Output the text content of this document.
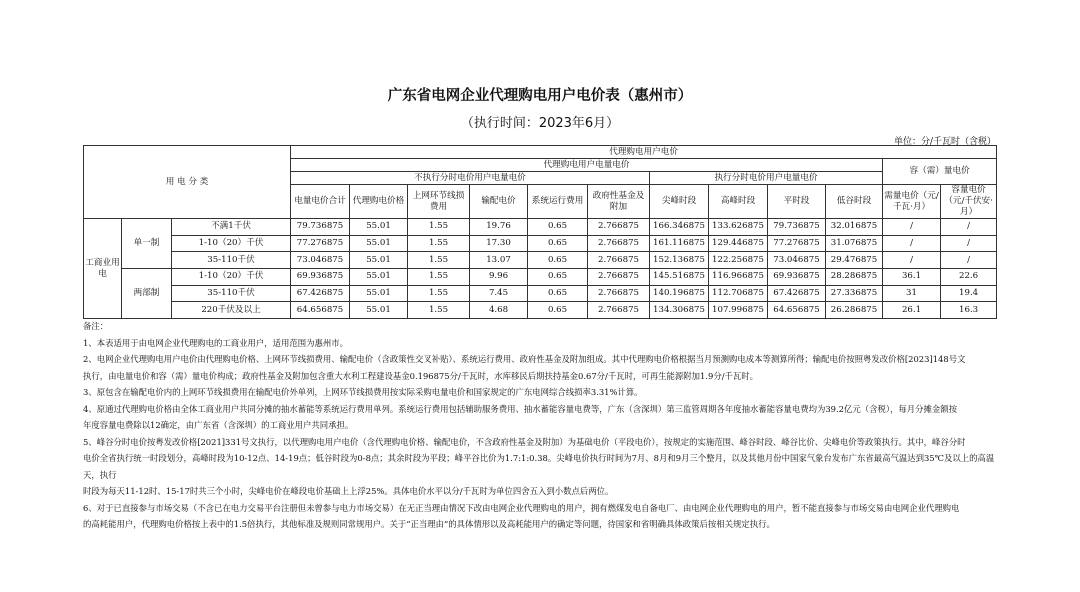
广东省电网企业代理购电用户电价表（惠州市）
（执行时间：2023年6月）
单位：分/千瓦时（含税）
用 电 分 类			代理购电用户电价											
			代理购电用户电量电价										容（需）量电价	
			不执行分时电价用户电量电价						执行分时电价用户电量电价					
			电量电价合计	代理购电价格	上网环节线损费用	输配电价	系统运行费用	政府性基金及附加	尖峰时段	高峰时段	平时段	低谷时段	需量电价（元/千瓦·月）	容量电价（元/千伏安·月）
工商业用电	单一制	不满1千伏	79.736875	55.01	1.55	19.76	0.65	2.766875	166.346875	133.626875	79.736875	32.016875	/	/
		1-10（20）千伏	77.276875	55.01	1.55	17.30	0.65	2.766875	161.116875	129.446875	77.276875	31.076875	/	/
		35-110千伏	73.046875	55.01	1.55	13.07	0.65	2.766875	152.136875	122.256875	73.046875	29.476875	/	/
	两部制	1-10（20）千伏	69.936875	55.01	1.55	9.96	0.65	2.766875	145.516875	116.966875	69.936875	28.286875	36.1	22.6
		35-110千伏	67.426875	55.01	1.55	7.45	0.65	2.766875	140.196875	112.706875	67.426875	27.336875	31	19.4
		220千伏及以上	64.656875	55.01	1.55	4.68	0.65	2.766875	134.306875	107.996875	64.656875	26.286875	26.1	16.3

备注：

1、本表适用于由电网企业代理购电的工商业用户，适用范围为惠州市。

2、电网企业代理购电用户电价由代理购电价格、上网环节线损费用、输配电价（含政策性交叉补贴）、系统运行费用、政府性基金及附加组成。其中代理购电价格根据当月预测购电成本等测算所得；输配电价按照粤发改价格[2023]148号文

执行，由电量电价和容（需）量电价构成；政府性基金及附加包含重大水利工程建设基金0.196875分/千瓦时，水库移民后期扶持基金0.67分/千瓦时，可再生能源附加1.9分/千瓦时。

3、原包含在输配电价内的上网环节线损费用在输配电价外单列，上网环节线损费用按实际采购电量电价和国家规定的广东电网综合线损率3.31%计算。

4、原通过代理购电价格由全体工商业用户共同分摊的抽水蓄能等系统运行费用单列。系统运行费用包括辅助服务费用、抽水蓄能容量电费等，广东（含深圳）第三监管周期各年度抽水蓄能容量电费均为39.2亿元（含税），每月分摊金额按

年度容量电费除以12确定，由广东省（含深圳）的工商业用户共同承担。

5、峰谷分时电价按粤发改价格[2021]331号文执行，以代理购电用户电价（含代理购电价格、输配电价，不含政府性基金及附加）为基础电价（平段电价），按规定的实施范围、峰谷时段、峰谷比价、尖峰电价等政策执行。其中，峰谷分时

电价全省执行统一时段划分，高峰时段为10-12点、14-19点；低谷时段为0-8点；其余时段为平段；峰平谷比价为1.7:1:0.38。尖峰电价执行时间为7月、8月和9月三个整月，以及其他月份中国家气象台发布广东省最高气温达到35℃及以上的高温天，执行

时段为每天11-12时、15-17时共三个小时，尖峰电价在峰段电价基础上上浮25%。具体电价水平以分/千瓦时为单位四舍五入到小数点后两位。

6、对于已直接参与市场交易（不含已在电力交易平台注册但未曾参与电力市场交易）在无正当理由情况下改由电网企业代理购电的用户，拥有燃煤发电自备电厂、由电网企业代理购电的用户，暂不能直接参与市场交易由电网企业代理购电

的高耗能用户，代理购电价格按上表中的1.5倍执行，其他标准及规则同常规用户。关于“正当理由”的具体情形以及高耗能用户的确定等问题，待国家和省明确具体政策后按相关规定执行。
